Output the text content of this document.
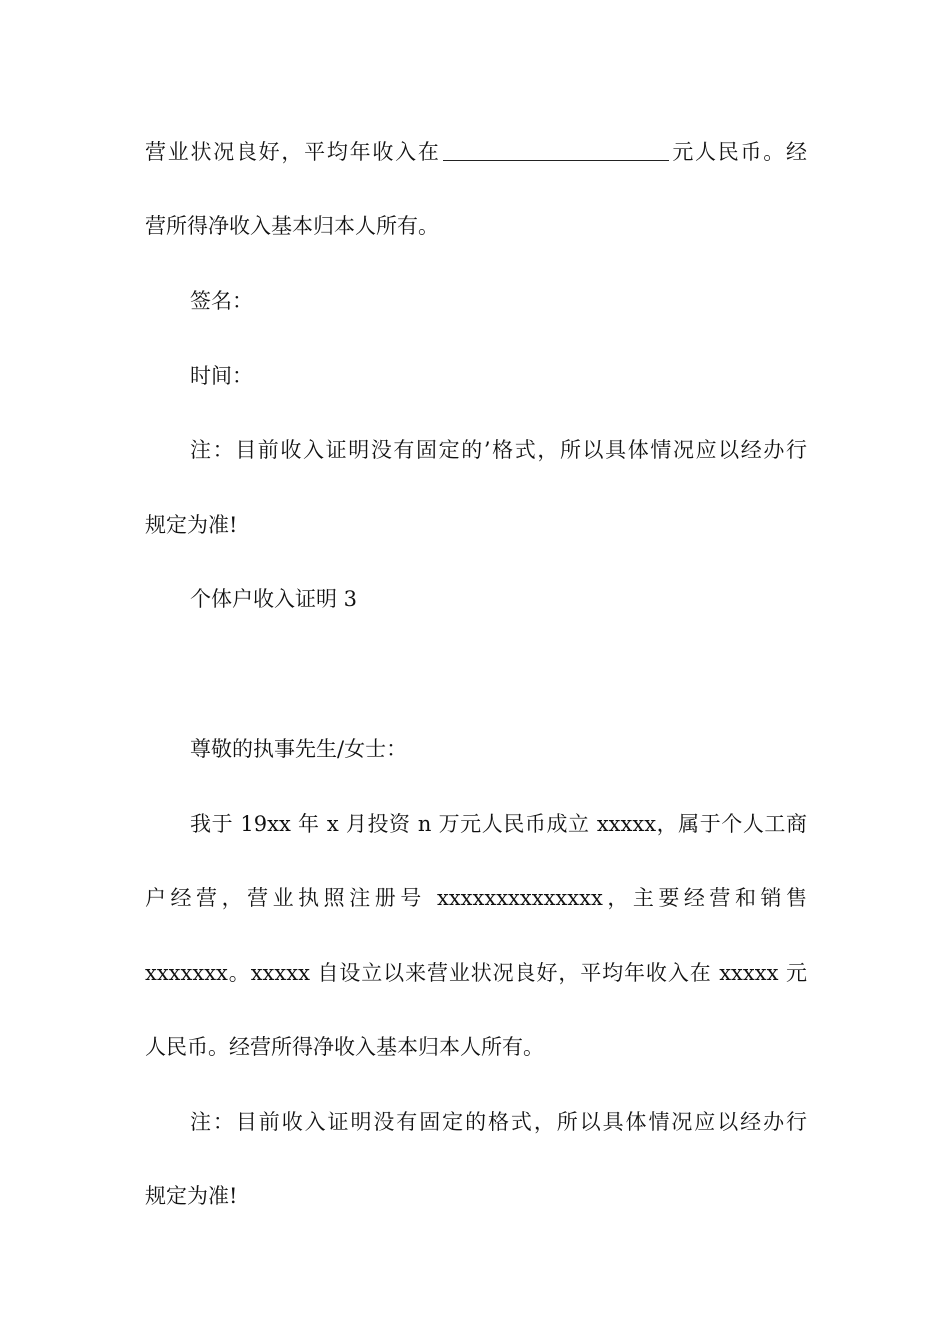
营业状况良好，平均年收入在	元人民币。经
营所得净收入基本归本人所有。
签名：
时间：
注：目前收入证明没有固定的’格式，所以具体情况应以经办行
规定为准!
个体户收入证明 3
尊敬的执事先生/女士：
我于 19xx 年 x 月投资 n 万元人民币成立 xxxxx，属于个人工商
户经营，营业执照注册号 xxxxxxxxxxxxxx，主要经营和销售
xxxxxxx。xxxxx 自设立以来营业状况良好，平均年收入在 xxxxx 元
人民币。经营所得净收入基本归本人所有。
注：目前收入证明没有固定的格式，所以具体情况应以经办行
规定为准!
